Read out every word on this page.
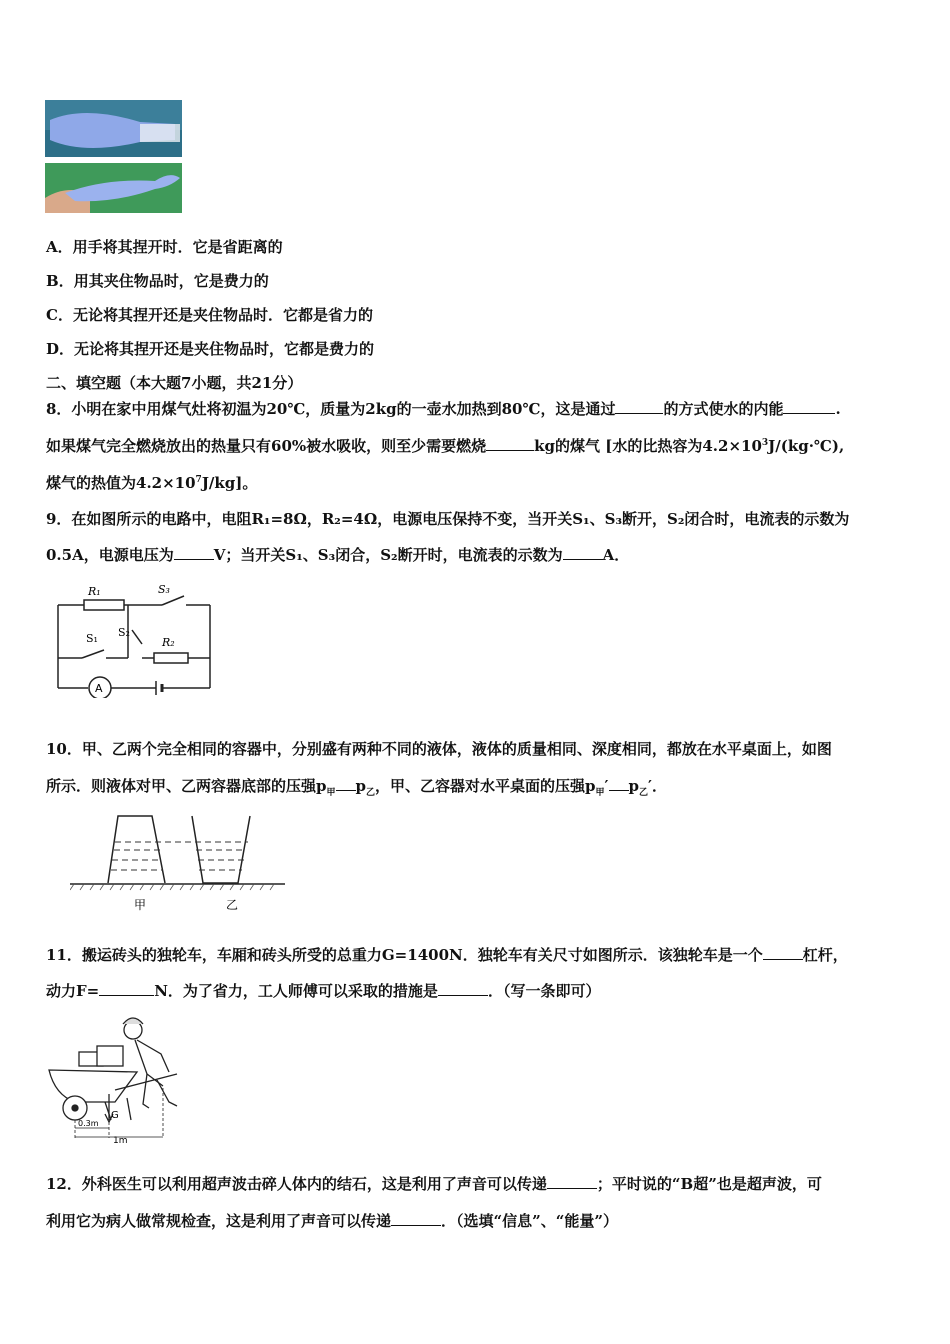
A．用手将其捏开时．它是省距离的
B．用其夹住物品时，它是费力的
C．无论将其捏开还是夹住物品时．它都是省力的
D．无论将其捏开还是夹住物品时，它都是费力的
二、填空题（本大题7小题，共21分）
8．小明在家中用煤气灶将初温为20℃，质量为2kg的一壶水加热到80℃，这是通过	的方式使水的内能	.
如果煤气完全燃烧放出的热量只有60%被水吸收，则至少需要燃烧	kg的煤气 [水的比热容为$4.2\times 10^3J/(kg\cdot℃)$,
煤气的热值为$4.2\times 10^7J/kg$]。
9．在如图所示的电路中，电阻R₁=8Ω，R₂=4Ω，电源电压保持不变，当开关S₁、S₃断开，S₂闭合时，电流表的示数为
0.5A，电源电压为	V；当开关S₁、S₃闭合，S₂断开时，电流表的示数为	A．
R₁	S₃
S₁ S₂
R₂
A
10．甲、乙两个完全相同的容器中，分别盛有两种不同的液体，液体的质量相同、深度相同，都放在水平桌面上，如图
所示．则液体对甲、乙两容器底部的压强$p_甲$ $p_乙$，甲、乙容器对水平桌面的压强$p_甲'$ $p_乙'$．
甲	乙
11．搬运砖头的独轮车，车厢和砖头所受的总重力G=1400N．独轮车有关尺寸如图所示．该独轮车是一个	杠杆，
动力F=	N．为了省力，工人师傅可以采取的措施是	．（写一条即可）
G
0.3m
1m
12．外科医生可以利用超声波击碎人体内的结石，这是利用了声音可以传递	；平时说的“B超”也是超声波，可
利用它为病人做常规检查，这是利用了声音可以传递	．（选填“信息”、“能量”）
